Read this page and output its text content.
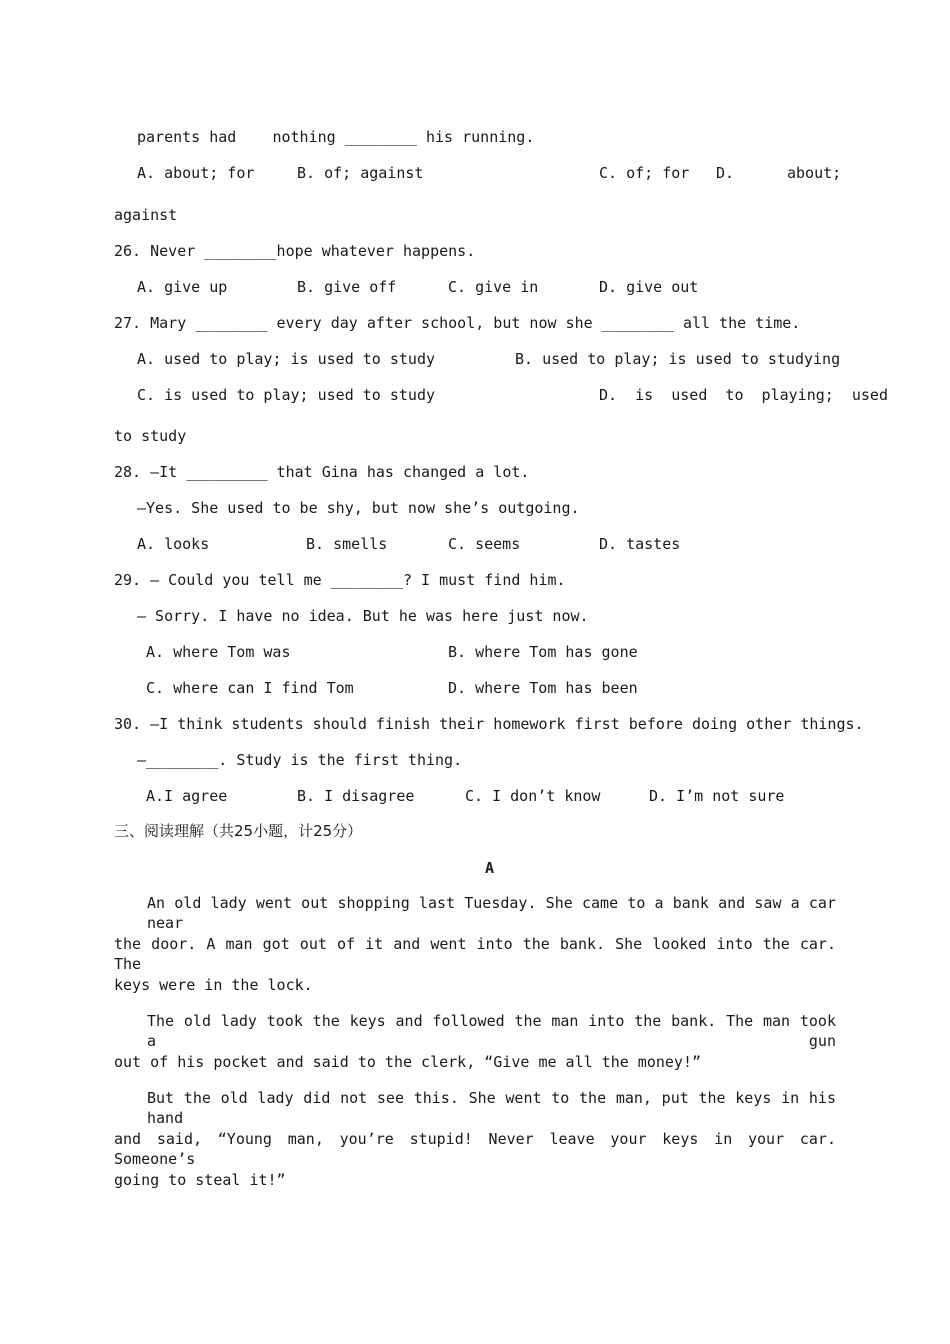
parents had    nothing ________ his running.
A. about; for	B. of; against	C. of; for D.	about;
against
26. Never ________hope whatever happens.
A. give up	B. give off	C. give in	D. give out
27. Mary ________ every day after school, but now she ________ all the time.
A. used to play; is used to study	B. used to play; is used to studying
C. is used to play; used to study	D.  is  used  to  playing;  used
to study
28. —It _________ that Gina has changed a lot.
—Yes. She used to be shy, but now she’s outgoing.
A. looks	B. smells	C. seems	D. tastes
29. — Could you tell me ________? I must find him.
— Sorry. I have no idea. But he was here just now.
A. where Tom was	B. where Tom has gone
C. where can I find Tom	D. where Tom has been
30. —I think students should finish their homework first before doing other things.
—________. Study is the first thing.
A.I agree	B. I disagree	C. I don’t know	D. I’m not sure
三、阅读理解（共25小题，计25分）
A
An old lady went out shopping last Tuesday. She came to a bank and saw a car near
the door. A man got out of it and went into the bank. She looked into the car. The
keys were in the lock.
The old lady took the keys and followed the man into the bank. The man took a gun
out of his pocket and said to the clerk, “Give me all the money!”
But the old lady did not see this. She went to the man, put the keys in his hand
and said, “Young man, you’re stupid! Never leave your keys in your car. Someone’s
going to steal it!”
